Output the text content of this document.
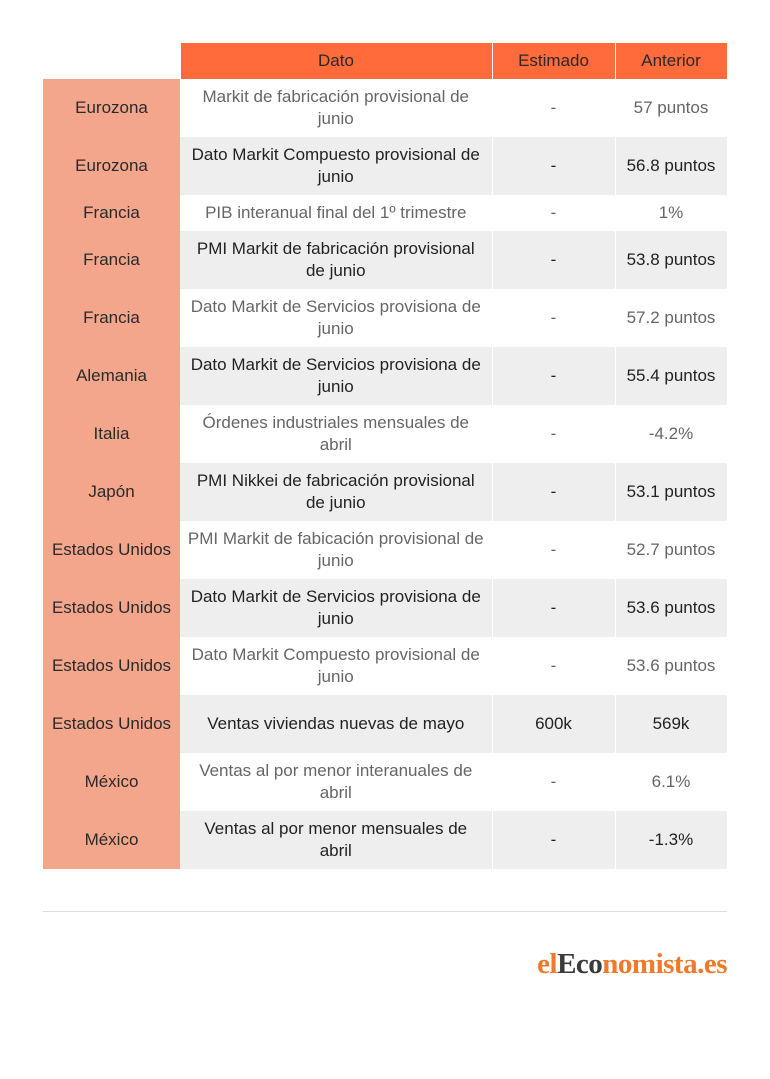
	Dato	Estimado	Anterior
Eurozona	Markit de fabricación provisional de junio	-	57 puntos
Eurozona	Dato Markit Compuesto provisional de junio	-	56.8 puntos
Francia	PIB interanual final del 1º trimestre	-	1%
Francia	PMI Markit de fabricación provisional de junio	-	53.8 puntos
Francia	Dato Markit de Servicios provisiona de junio	-	57.2 puntos
Alemania	Dato Markit de Servicios provisiona de junio	-	55.4 puntos
Italia	Órdenes industriales mensuales de abril	-	-4.2%
Japón	PMI Nikkei de fabricación provisional de junio	-	53.1 puntos
Estados Unidos	PMI Markit de fabicación provisional de junio	-	52.7 puntos
Estados Unidos	Dato Markit de Servicios provisiona de junio	-	53.6 puntos
Estados Unidos	Dato Markit Compuesto provisional de junio	-	53.6 puntos
Estados Unidos	Ventas viviendas nuevas de mayo	600k	569k
México	Ventas al por menor interanuales de abril	-	6.1%
México	Ventas al por menor mensuales de abril	-	-1.3%
elEconomista.es
